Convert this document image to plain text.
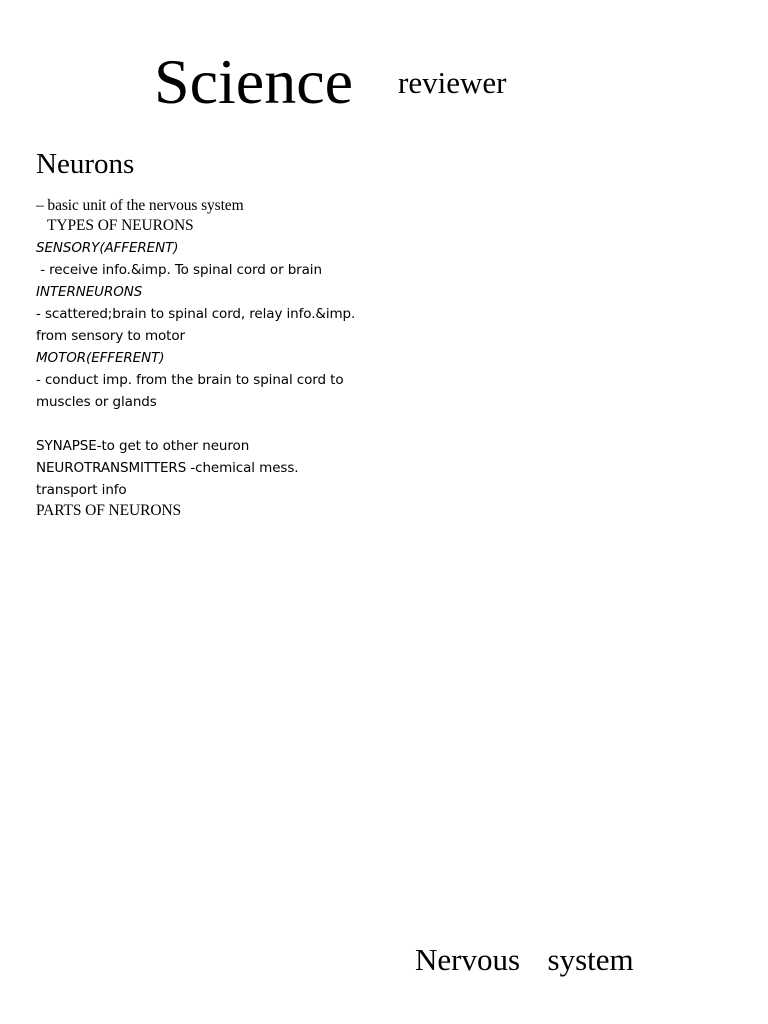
Science reviewer
Neurons
– basic unit of the nervous system
TYPES OF NEURONS
SENSORY(AFFERENT)
- receive info.&imp. To spinal cord or brain
INTERNEURONS
- scattered;brain to spinal cord, relay info.&imp.
from sensory to motor
MOTOR(EFFERENT)
- conduct imp. from the brain to spinal cord to
muscles or glands
SYNAPSE-to get to other neuron
NEUROTRANSMITTERS -chemical mess.
transport info
PARTS OF NEURONS
Nervous  system
